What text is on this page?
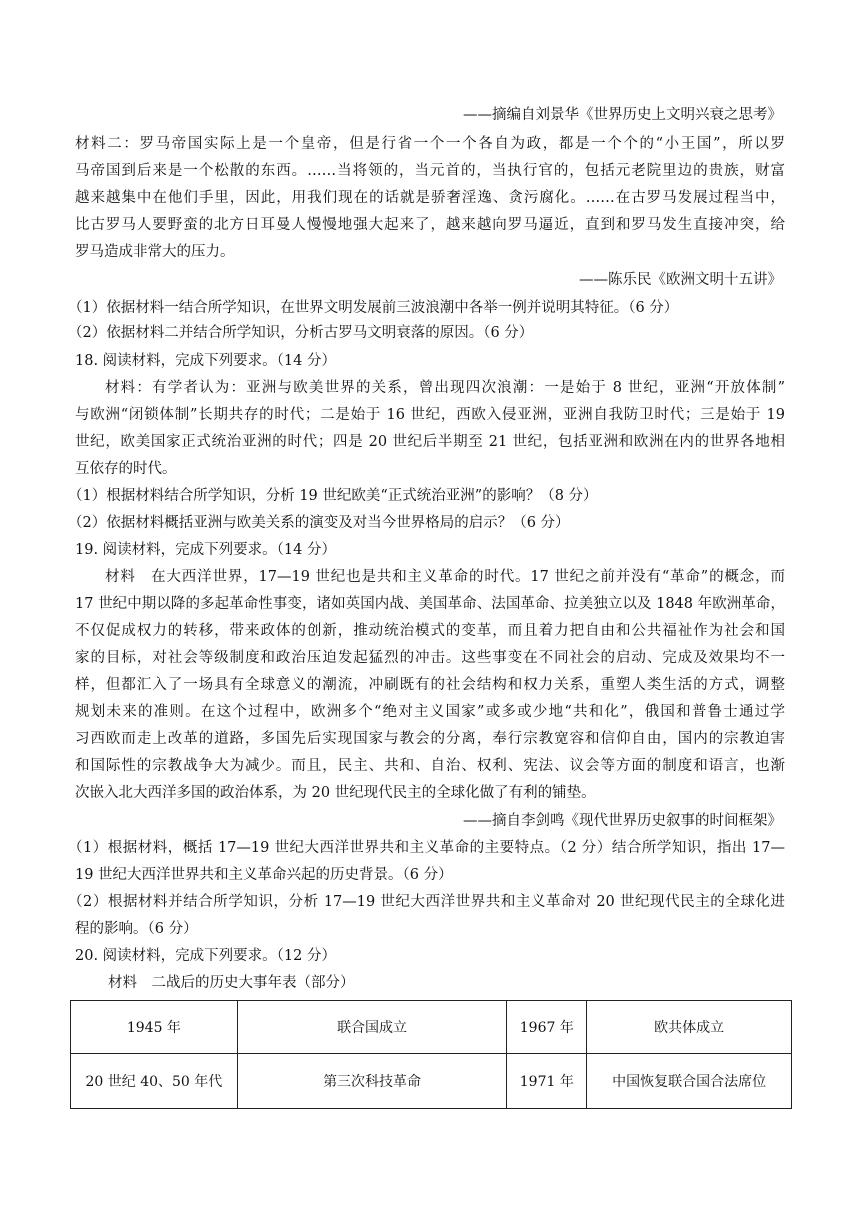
——摘编自刘景华《世界历史上文明兴衰之思考》
材料二：罗马帝国实际上是一个皇帝，但是行省一个一个各自为政，都是一个个的“小王国”，所以罗
马帝国到后来是一个松散的东西。……当将领的，当元首的，当执行官的，包括元老院里边的贵族，财富
越来越集中在他们手里，因此，用我们现在的话就是骄奢淫逸、贪污腐化。……在古罗马发展过程当中，
比古罗马人要野蛮的北方日耳曼人慢慢地强大起来了，越来越向罗马逼近，直到和罗马发生直接冲突，给
罗马造成非常大的压力。
——陈乐民《欧洲文明十五讲》
（1）依据材料一结合所学知识，在世界文明发展前三波浪潮中各举一例并说明其特征。（6 分）
（2）依据材料二并结合所学知识，分析古罗马文明衰落的原因。（6 分）
18. 阅读材料，完成下列要求。（14 分）
材料：有学者认为：亚洲与欧美世界的关系，曾出现四次浪潮：一是始于 8 世纪，亚洲“开放体制”
与欧洲“闭锁体制”长期共存的时代；二是始于 16 世纪，西欧入侵亚洲，亚洲自我防卫时代；三是始于 19
世纪，欧美国家正式统治亚洲的时代；四是 20 世纪后半期至 21 世纪，包括亚洲和欧洲在内的世界各地相
互依存的时代。
（1）根据材料结合所学知识，分析 19 世纪欧美“正式统治亚洲”的影响？（8 分）
（2）依据材料概括亚洲与欧美关系的演变及对当今世界格局的启示？（6 分）
19. 阅读材料，完成下列要求。（14 分）
材料　在大西洋世界，17—19 世纪也是共和主义革命的时代。17 世纪之前并没有“革命”的概念，而
17 世纪中期以降的多起革命性事变，诸如英国内战、美国革命、法国革命、拉美独立以及 1848 年欧洲革命，
不仅促成权力的转移，带来政体的创新，推动统治模式的变革，而且着力把自由和公共福祉作为社会和国
家的目标，对社会等级制度和政治压迫发起猛烈的冲击。这些事变在不同社会的启动、完成及效果均不一
样，但都汇入了一场具有全球意义的潮流，冲刷既有的社会结构和权力关系，重塑人类生活的方式，调整
规划未来的准则。在这个过程中，欧洲多个“绝对主义国家”或多或少地“共和化”，俄国和普鲁士通过学
习西欧而走上改革的道路，多国先后实现国家与教会的分离，奉行宗教宽容和信仰自由，国内的宗教迫害
和国际性的宗教战争大为减少。而且，民主、共和、自治、权利、宪法、议会等方面的制度和语言，也渐
次嵌入北大西洋多国的政治体系，为 20 世纪现代民主的全球化做了有利的铺垫。
——摘自李剑鸣《现代世界历史叙事的时间框架》
（1）根据材料，概括 17—19 世纪大西洋世界共和主义革命的主要特点。（2 分）结合所学知识，指出 17—
19 世纪大西洋世界共和主义革命兴起的历史背景。（6 分）
（2）根据材料并结合所学知识，分析 17—19 世纪大西洋世界共和主义革命对 20 世纪现代民主的全球化进
程的影响。（6 分）
20. 阅读材料，完成下列要求。（12 分）
材料　二战后的历史大事年表（部分）
1945 年	联合国成立	1967 年	欧共体成立
20 世纪 40、50 年代	第三次科技革命	1971 年	中国恢复联合国合法席位
